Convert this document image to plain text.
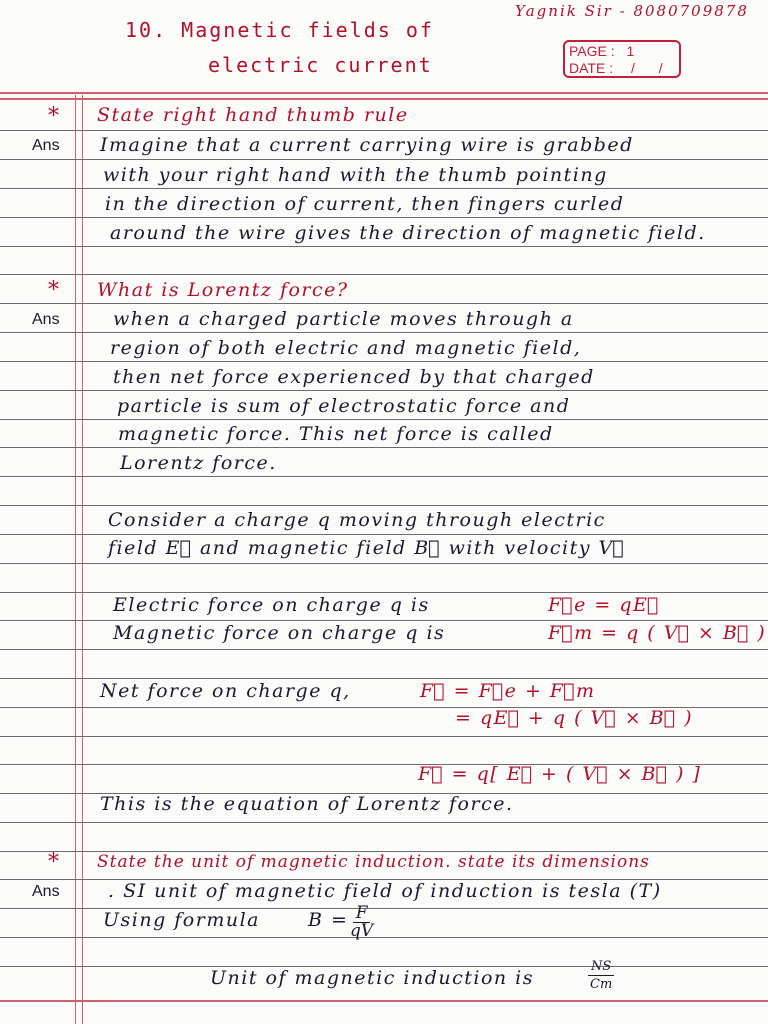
10. Magnetic fields of
electric current
Yagnik Sir - 8080709878
PAGE : 1
DATE : / /
* State right hand thumb rule
Ans Imagine that a current carrying wire is grabbed
with your right hand with the thumb pointing
in the direction of current, then fingers curled
around the wire gives the direction of magnetic field.
* What is Lorentz force?
Ans	when a charged particle moves through a
region of both electric and magnetic field,
then net force experienced by that charged
particle is sum of electrostatic force and
magnetic force. This net force is called
Lorentz force.
Consider a charge q moving through electric
field E⃗ and magnetic field B⃗ with velocity V⃗
Electric force on charge q is	F⃗e = qE⃗
Magnetic force on charge q is	F⃗m = q ( V⃗ × B⃗ )
Net force on charge q,	F⃗ = F⃗e + F⃗m
= qE⃗ + q ( V⃗ × B⃗ )
F⃗ = q[ E⃗ + ( V⃗ × B⃗ ) ]
This is the equation of Lorentz force.
* State the unit of magnetic induction. state its dimensions
Ans	. SI unit of magnetic field of induction is tesla (T)
Using formula	$B = \frac{F}{qV}$
Unit of magnetic induction is	$\frac{NS}{Cm}$
